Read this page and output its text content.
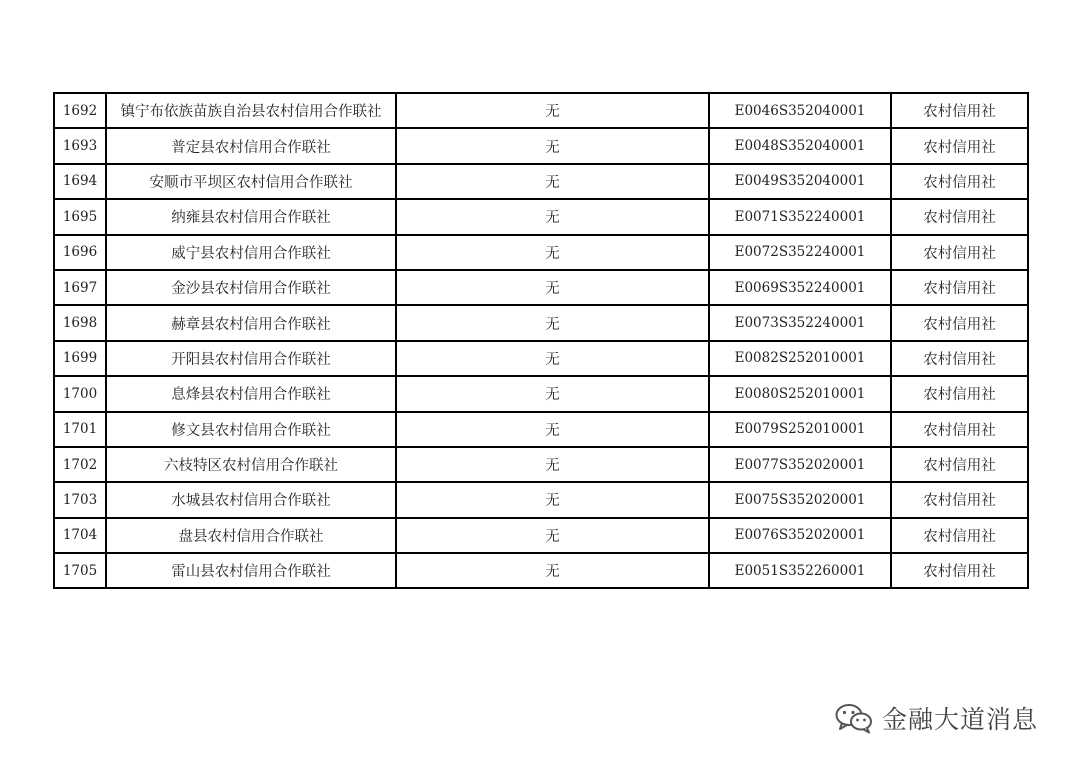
1692	镇宁布依族苗族自治县农村信用合作联社	无	E0046S352040001	农村信用社
1693	普定县农村信用合作联社	无	E0048S352040001	农村信用社
1694	安顺市平坝区农村信用合作联社	无	E0049S352040001	农村信用社
1695	纳雍县农村信用合作联社	无	E0071S352240001	农村信用社
1696	威宁县农村信用合作联社	无	E0072S352240001	农村信用社
1697	金沙县农村信用合作联社	无	E0069S352240001	农村信用社
1698	赫章县农村信用合作联社	无	E0073S352240001	农村信用社
1699	开阳县农村信用合作联社	无	E0082S252010001	农村信用社
1700	息烽县农村信用合作联社	无	E0080S252010001	农村信用社
1701	修文县农村信用合作联社	无	E0079S252010001	农村信用社
1702	六枝特区农村信用合作联社	无	E0077S352020001	农村信用社
1703	水城县农村信用合作联社	无	E0075S352020001	农村信用社
1704	盘县农村信用合作联社	无	E0076S352020001	农村信用社
1705	雷山县农村信用合作联社	无	E0051S352260001	农村信用社
金融大道消息
